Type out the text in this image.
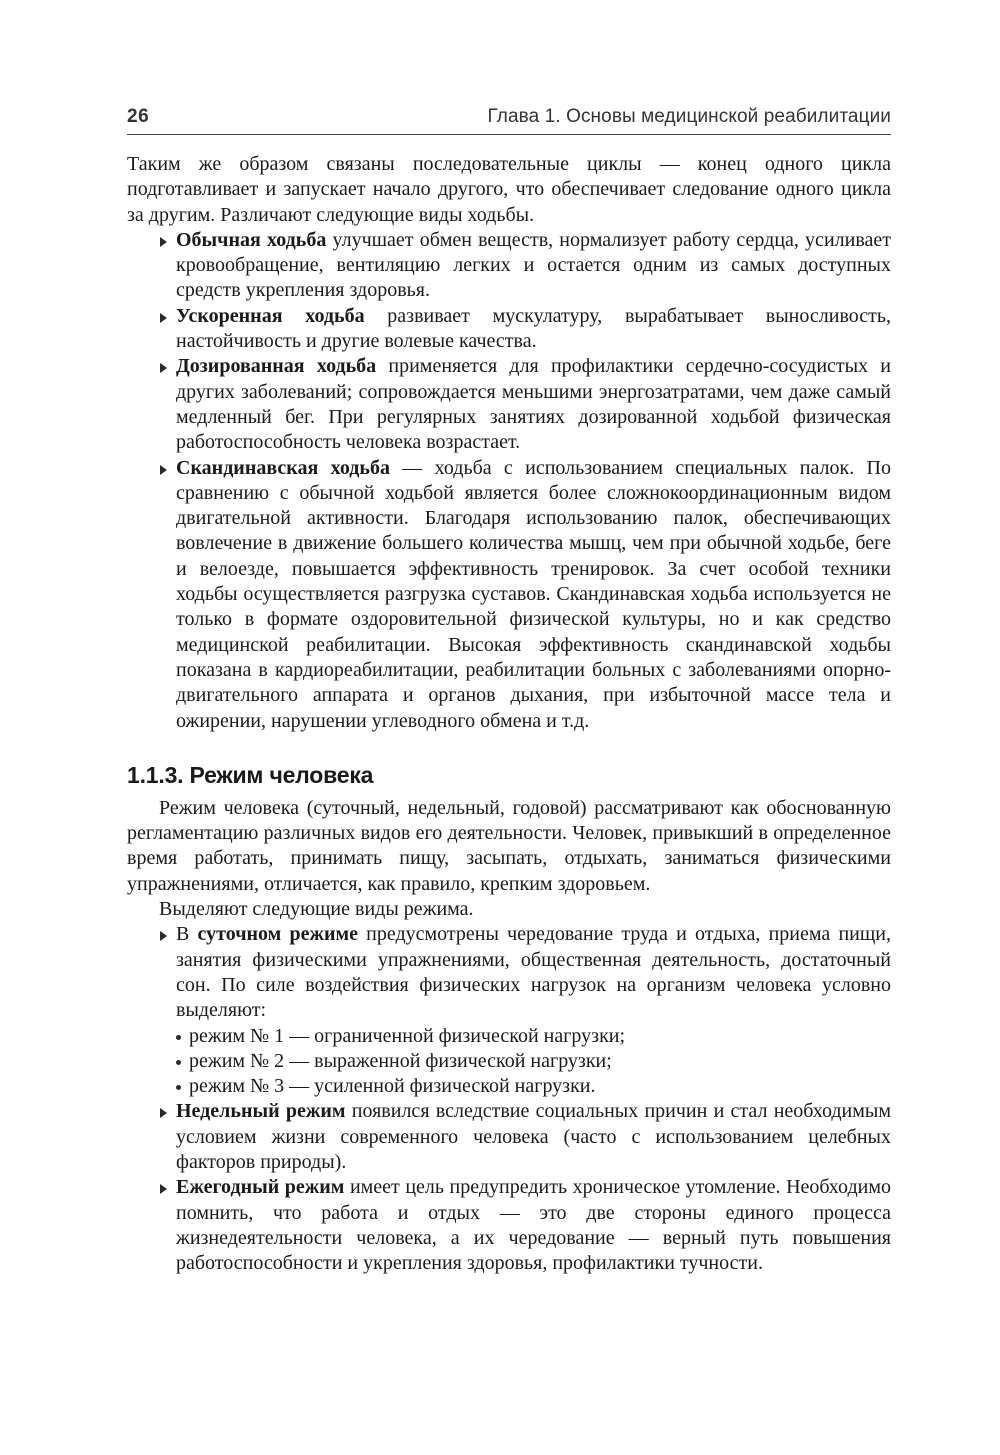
26	Глава 1. Основы медицинской реабилитации

Таким же образом связаны последовательные циклы — конец одного цикла подготавливает и запускает начало другого, что обеспечивает следование одного цикла за другим. Различают следующие виды ходьбы.

Обычная ходьба улучшает обмен веществ, нормализует работу сердца, усиливает кровообращение, вентиляцию легких и остается одним из самых доступных средств укрепления здоровья.
Ускоренная ходьба развивает мускулатуру, вырабатывает выносливость, настойчивость и другие волевые качества.
Дозированная ходьба применяется для профилактики сердечно-сосудистых и других заболеваний; сопровождается меньшими энергозатратами, чем даже самый медленный бег. При регулярных занятиях дозированной ходьбой физическая работоспособность человека возрастает.
Скандинавская ходьба — ходьба с использованием специальных палок. По сравнению с обычной ходьбой является более сложнокоординационным видом двигательной активности. Благодаря использованию палок, обеспечивающих вовлечение в движение большего количества мышц, чем при обычной ходьбе, беге и велоезде, повышается эффективность тренировок. За счет особой техники ходьбы осуществляется разгрузка суставов. Скандинавская ходьба используется не только в формате оздоровительной физической культуры, но и как средство медицинской реабилитации. Высокая эффективность скандинавской ходьбы показана в кардиореабилитации, реабилитации больных с заболеваниями опорно-двигательного аппарата и органов дыхания, при избыточной массе тела и ожирении, нарушении углеводного обмена и т.д.
1.1.3. Режим человека

Режим человека (суточный, недельный, годовой) рассматривают как обоснованную регламентацию различных видов его деятельности. Человек, привыкший в определенное время работать, принимать пищу, засыпать, отдыхать, заниматься физическими упражнениями, отличается, как правило, крепким здоровьем.

Выделяют следующие виды режима.

В суточном режиме предусмотрены чередование труда и отдыха, приема пищи, занятия физическими упражнениями, общественная деятельность, достаточный сон. По силе воздействия физических нагрузок на организм человека условно выделяют:
режим № 1 — ограниченной физической нагрузки;
режим № 2 — выраженной физической нагрузки;
режим № 3 — усиленной физической нагрузки.
Недельный режим появился вследствие социальных причин и стал необходимым условием жизни современного человека (часто с использованием целебных факторов природы).
Ежегодный режим имеет цель предупредить хроническое утомление. Необходимо помнить, что работа и отдых — это две стороны единого процесса жизнедеятельности человека, а их чередование — верный путь повышения работоспособности и укрепления здоровья, профилактики тучности.
